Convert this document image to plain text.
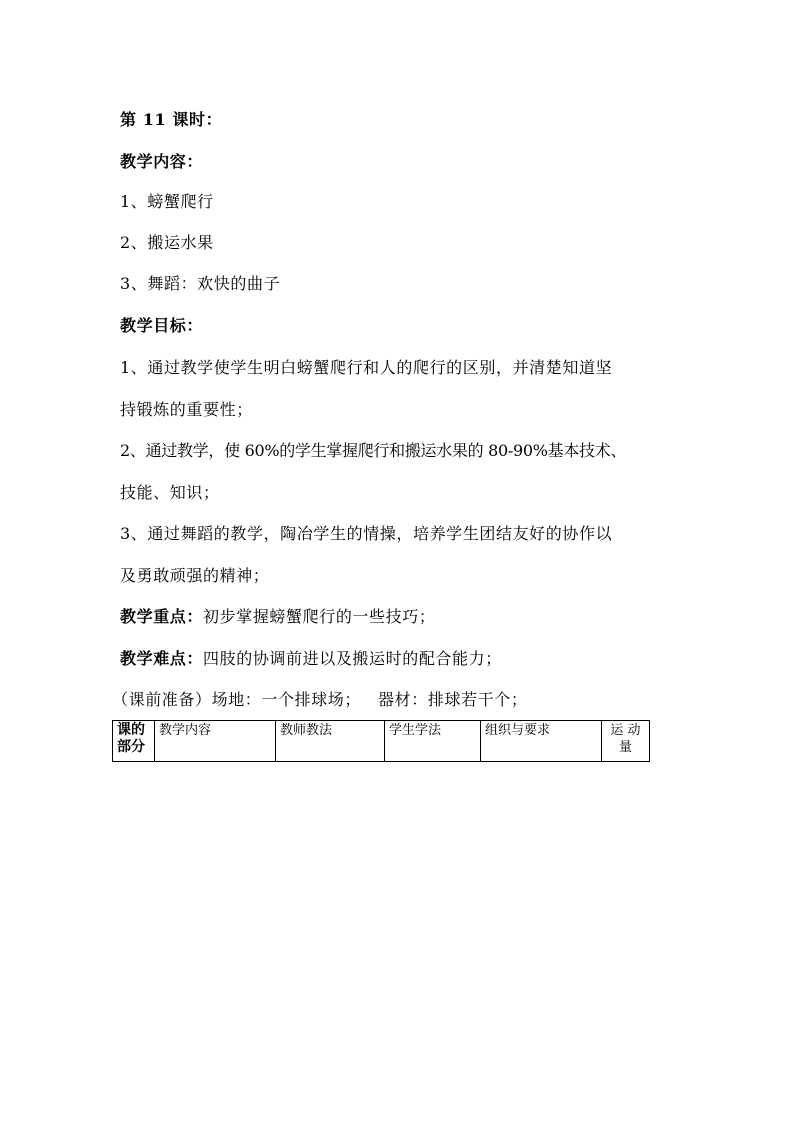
第 11 课时：
教学内容：
1、螃蟹爬行
2、搬运水果
3、舞蹈：欢快的曲子
教学目标：
1、通过教学使学生明白螃蟹爬行和人的爬行的区别，并清楚知道坚
持锻炼的重要性；
2、通过教学，使 60%的学生掌握爬行和搬运水果的 80-90%基本技术、
技能、知识；
3、通过舞蹈的教学，陶冶学生的情操，培养学生团结友好的协作以
及勇敢顽强的精神；
教学重点：初步掌握螃蟹爬行的一些技巧；
教学难点：四肢的协调前进以及搬运时的配合能力；
（课前准备）场地：一个排球场；   器材：排球若干个；
课的部分	教学内容	教师教法	学生学法	组织与要求	运 动 量
